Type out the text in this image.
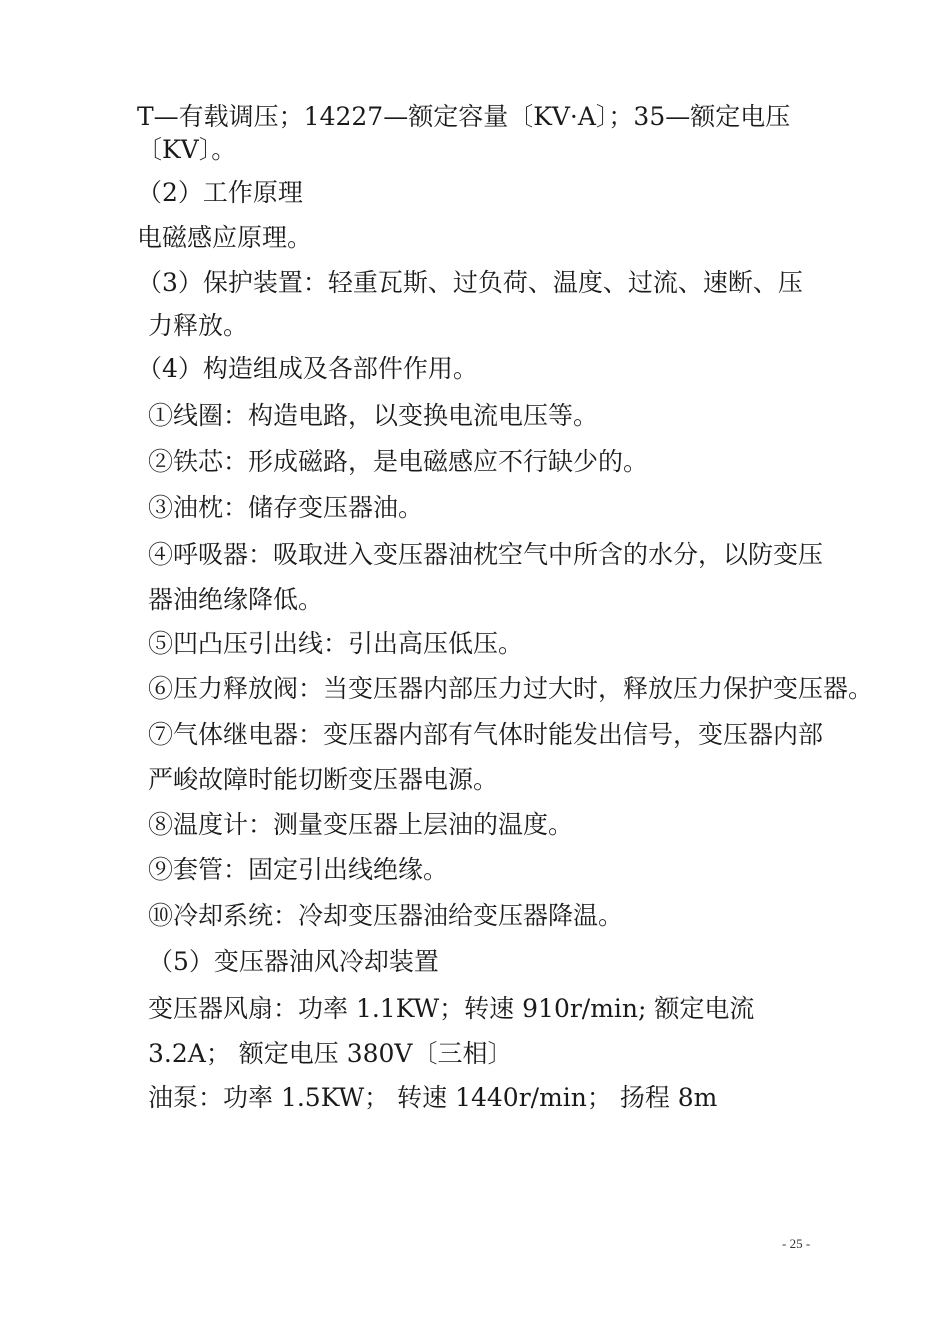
T—有载调压；14227—额定容量〔KV·A〕；35—额定电压

〔KV〕。

（2）工作原理

电磁感应原理。

（3）保护装置：轻重瓦斯、过负荷、温度、过流、速断、压

力释放。

（4）构造组成及各部件作用。

①线圈：构造电路，以变换电流电压等。

②铁芯：形成磁路，是电磁感应不行缺少的。

③油枕：储存变压器油。

④呼吸器：吸取进入变压器油枕空气中所含的水分，以防变压

器油绝缘降低。

⑤凹凸压引出线：引出高压低压。

⑥压力释放阀：当变压器内部压力过大时，释放压力保护变压器。

⑦气体继电器：变压器内部有气体时能发出信号，变压器内部

严峻故障时能切断变压器电源。

⑧温度计：测量变压器上层油的温度。

⑨套管：固定引出线绝缘。

⑩冷却系统：冷却变压器油给变压器降温。

（5）变压器油风冷却装置

变压器风扇：功率 1.1KW；转速 910r/min; 额定电流

3.2A； 额定电压 380V〔三相〕

油泵：功率 1.5KW； 转速 1440r/min； 扬程 8m

- 25 -
